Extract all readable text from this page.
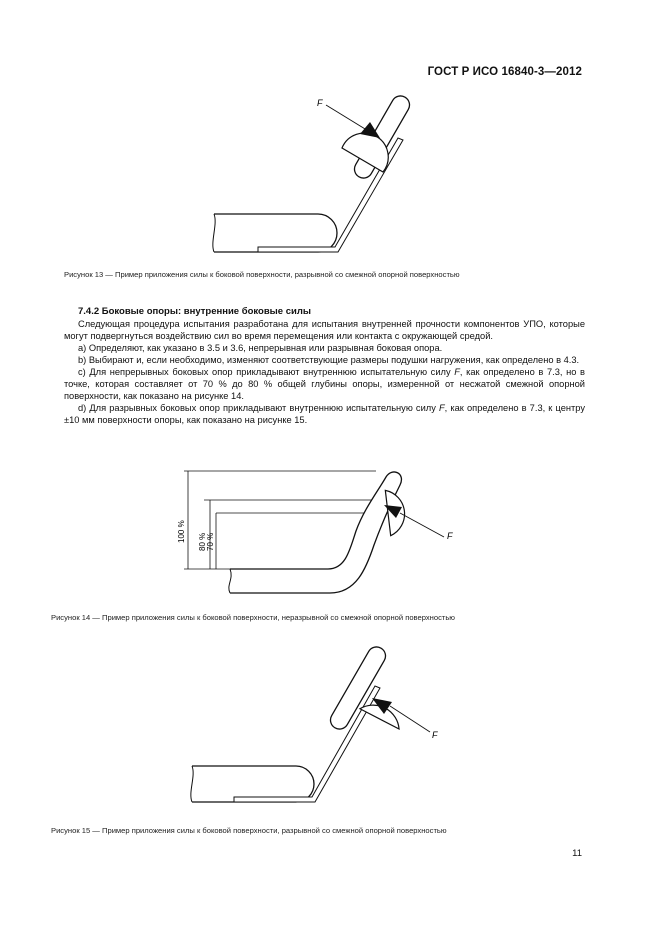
ГОСТ Р ИСО 16840-3—2012
F
Рисунок 13 — Пример приложения силы к боковой поверхности, разрывной со смежной опорной поверхностью
7.4.2 Боковые опоры: внутренние боковые силы

Следующая процедура испытания разработана для испытания внутренней прочности компонентов УПО, которые могут подвергнуться воздействию сил во время перемещения или контакта с окружающей средой.

a) Определяют, как указано в 3.5 и 3.6, непрерывная или разрывная боковая опора.

b) Выбирают и, если необходимо, изменяют соответствующие размеры подушки нагружения, как определено в 4.3.

c) Для непрерывных боковых опор прикладывают внутреннюю испытательную силу F, как определено в 7.3, но в точке, которая составляет от 70 % до 80 % общей глубины опоры, измеренной от несжатой смежной опорной поверхности, как показано на рисунке 14.

d) Для разрывных боковых опор прикладывают внутреннюю испытательную силу F, как определено в 7.3, к центру ±10 мм поверхности опоры, как показано на рисунке 15.

100 % 80 % 70 %	F
Рисунок 14 — Пример приложения силы к боковой поверхности, неразрывной со смежной опорной поверхностью
F
Рисунок 15 — Пример приложения силы к боковой поверхности, разрывной со смежной опорной поверхностью
11
